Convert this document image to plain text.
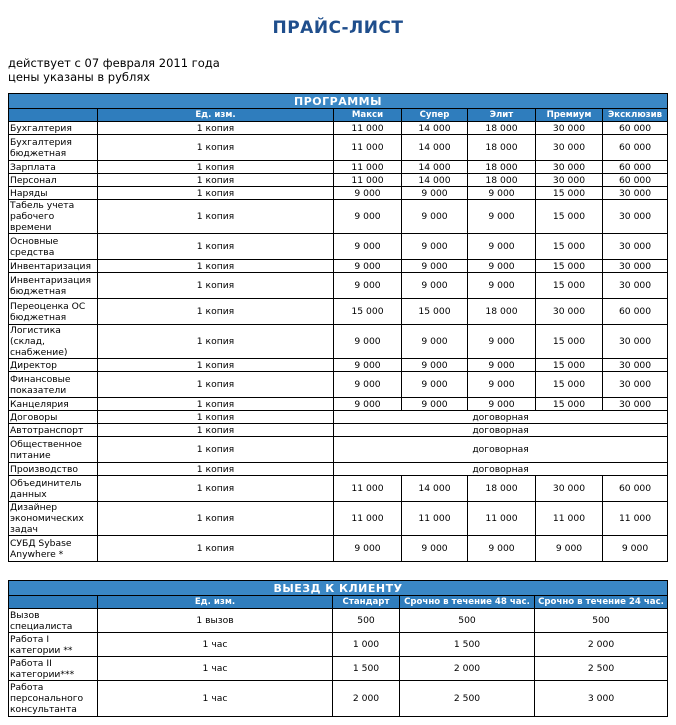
ПРАЙС-ЛИСТ
действует с 07 февраля 2011 года
цены указаны в рублях
ПРОГРАММЫ						
	Ед. изм.	Макси	Супер	Элит	Премиум	Эксклюзив
Бухгалтерия	1 копия	11 000	14 000	18 000	30 000	60 000
Бухгалтерия бюджетная	1 копия	11 000	14 000	18 000	30 000	60 000
Зарплата	1 копия	11 000	14 000	18 000	30 000	60 000
Персонал	1 копия	11 000	14 000	18 000	30 000	60 000
Наряды	1 копия	9 000	9 000	9 000	15 000	30 000
Табель учета рабочего времени	1 копия	9 000	9 000	9 000	15 000	30 000
Основные средства	1 копия	9 000	9 000	9 000	15 000	30 000
Инвентаризация	1 копия	9 000	9 000	9 000	15 000	30 000
Инвентаризация бюджетная	1 копия	9 000	9 000	9 000	15 000	30 000
Переоценка ОС бюджетная	1 копия	15 000	15 000	18 000	30 000	60 000
Логистика (склад, снабжение)	1 копия	9 000	9 000	9 000	15 000	30 000
Директор	1 копия	9 000	9 000	9 000	15 000	30 000
Финансовые показатели	1 копия	9 000	9 000	9 000	15 000	30 000
Канцелярия	1 копия	9 000	9 000	9 000	15 000	30 000
Договоры	1 копия	договорная				
Автотранспорт	1 копия	договорная				
Общественное питание	1 копия	договорная				
Производство	1 копия	договорная				
Объединитель данных	1 копия	11 000	14 000	18 000	30 000	60 000
Дизайнер экономических задач	1 копия	11 000	11 000	11 000	11 000	11 000
СУБД Sybase Anywhere *	1 копия	9 000	9 000	9 000	9 000	9 000
ВЫЕЗД К КЛИЕНТУ				
	Ед. изм.	Стандарт	Срочно в течение 48 час.	Срочно в течение 24 час.
Вызов специалиста	1 вызов	500	500	500
Работа I категории **	1 час	1 000	1 500	2 000
Работа II категории***	1 час	1 500	2 000	2 500
Работа персонального консультанта	1 час	2 000	2 500	3 000
